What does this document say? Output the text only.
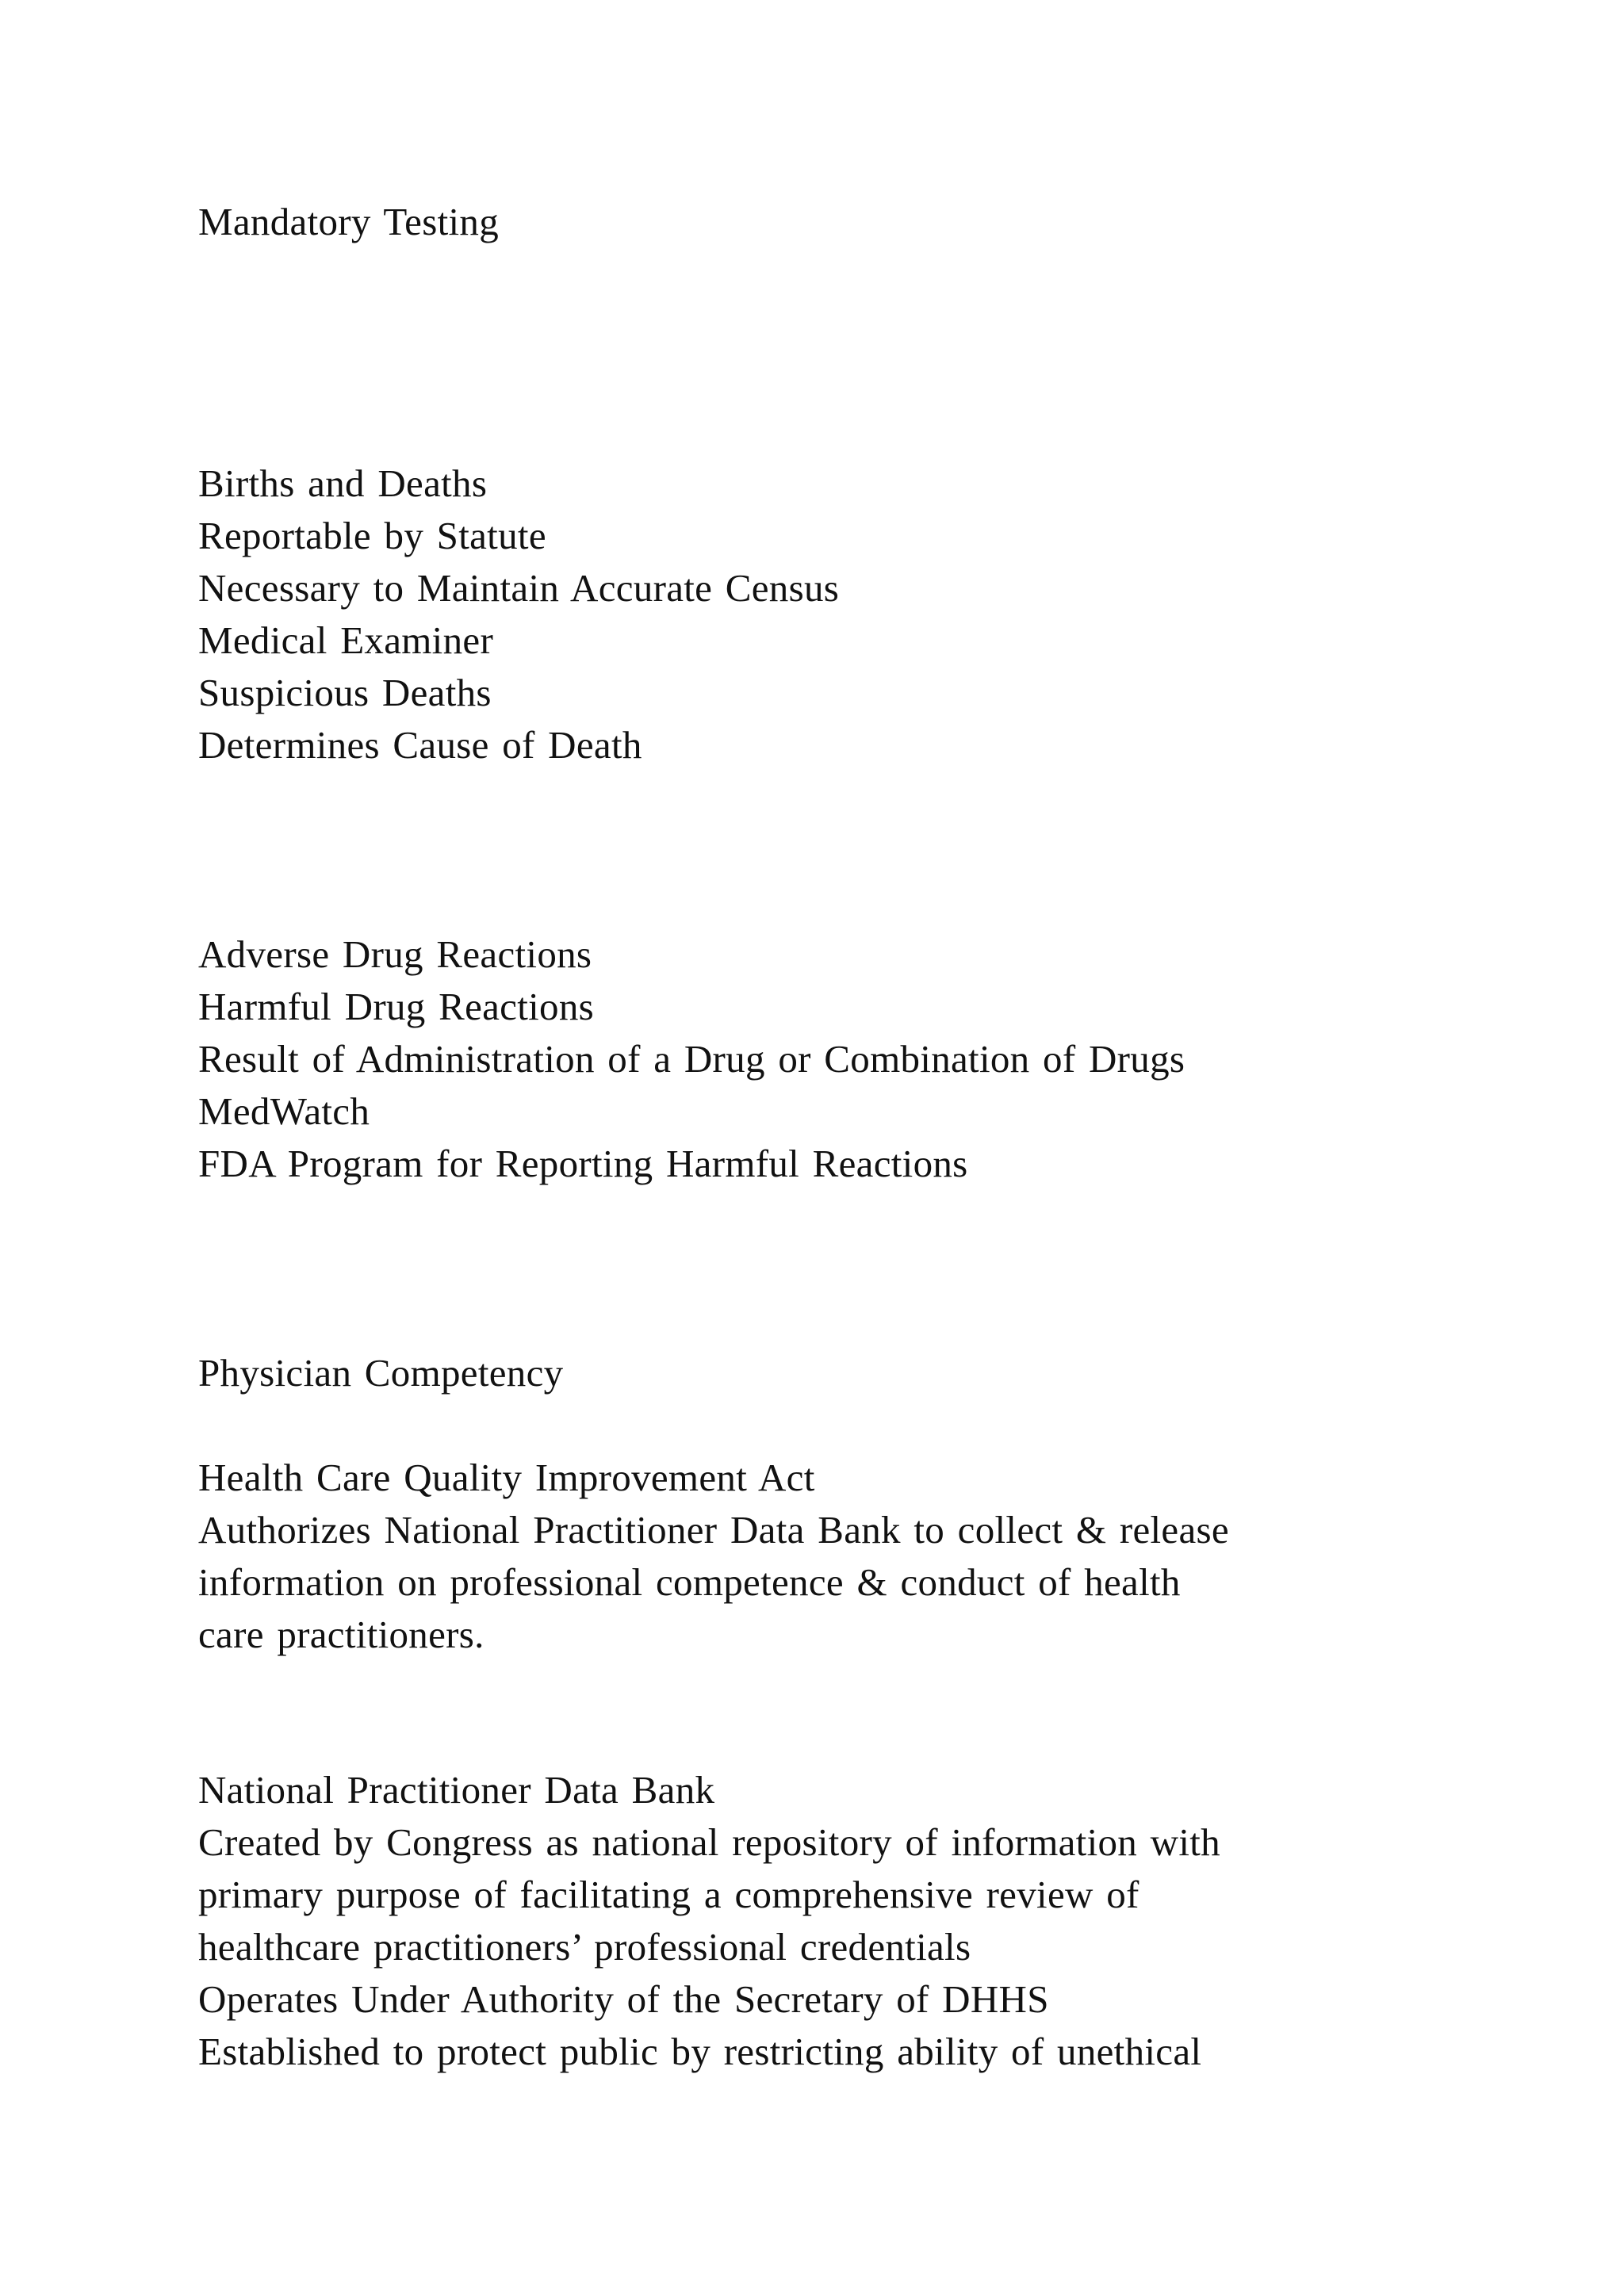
Mandatory Testing

Births and Deaths

Reportable by Statute

Necessary to Maintain Accurate Census

Medical Examiner

Suspicious Deaths

Determines Cause of Death

Adverse Drug Reactions

Harmful Drug Reactions

Result of Administration of a Drug or Combination of Drugs

MedWatch

FDA Program for Reporting Harmful Reactions

Physician Competency

Health Care Quality Improvement Act

Authorizes National Practitioner Data Bank to collect & release

information on professional competence & conduct of health

care practitioners.

National Practitioner Data Bank

Created by Congress as national repository of information with

primary purpose of facilitating a comprehensive review of

healthcare practitioners’ professional credentials

Operates Under Authority of the Secretary of DHHS

Established to protect public by restricting ability of unethical
